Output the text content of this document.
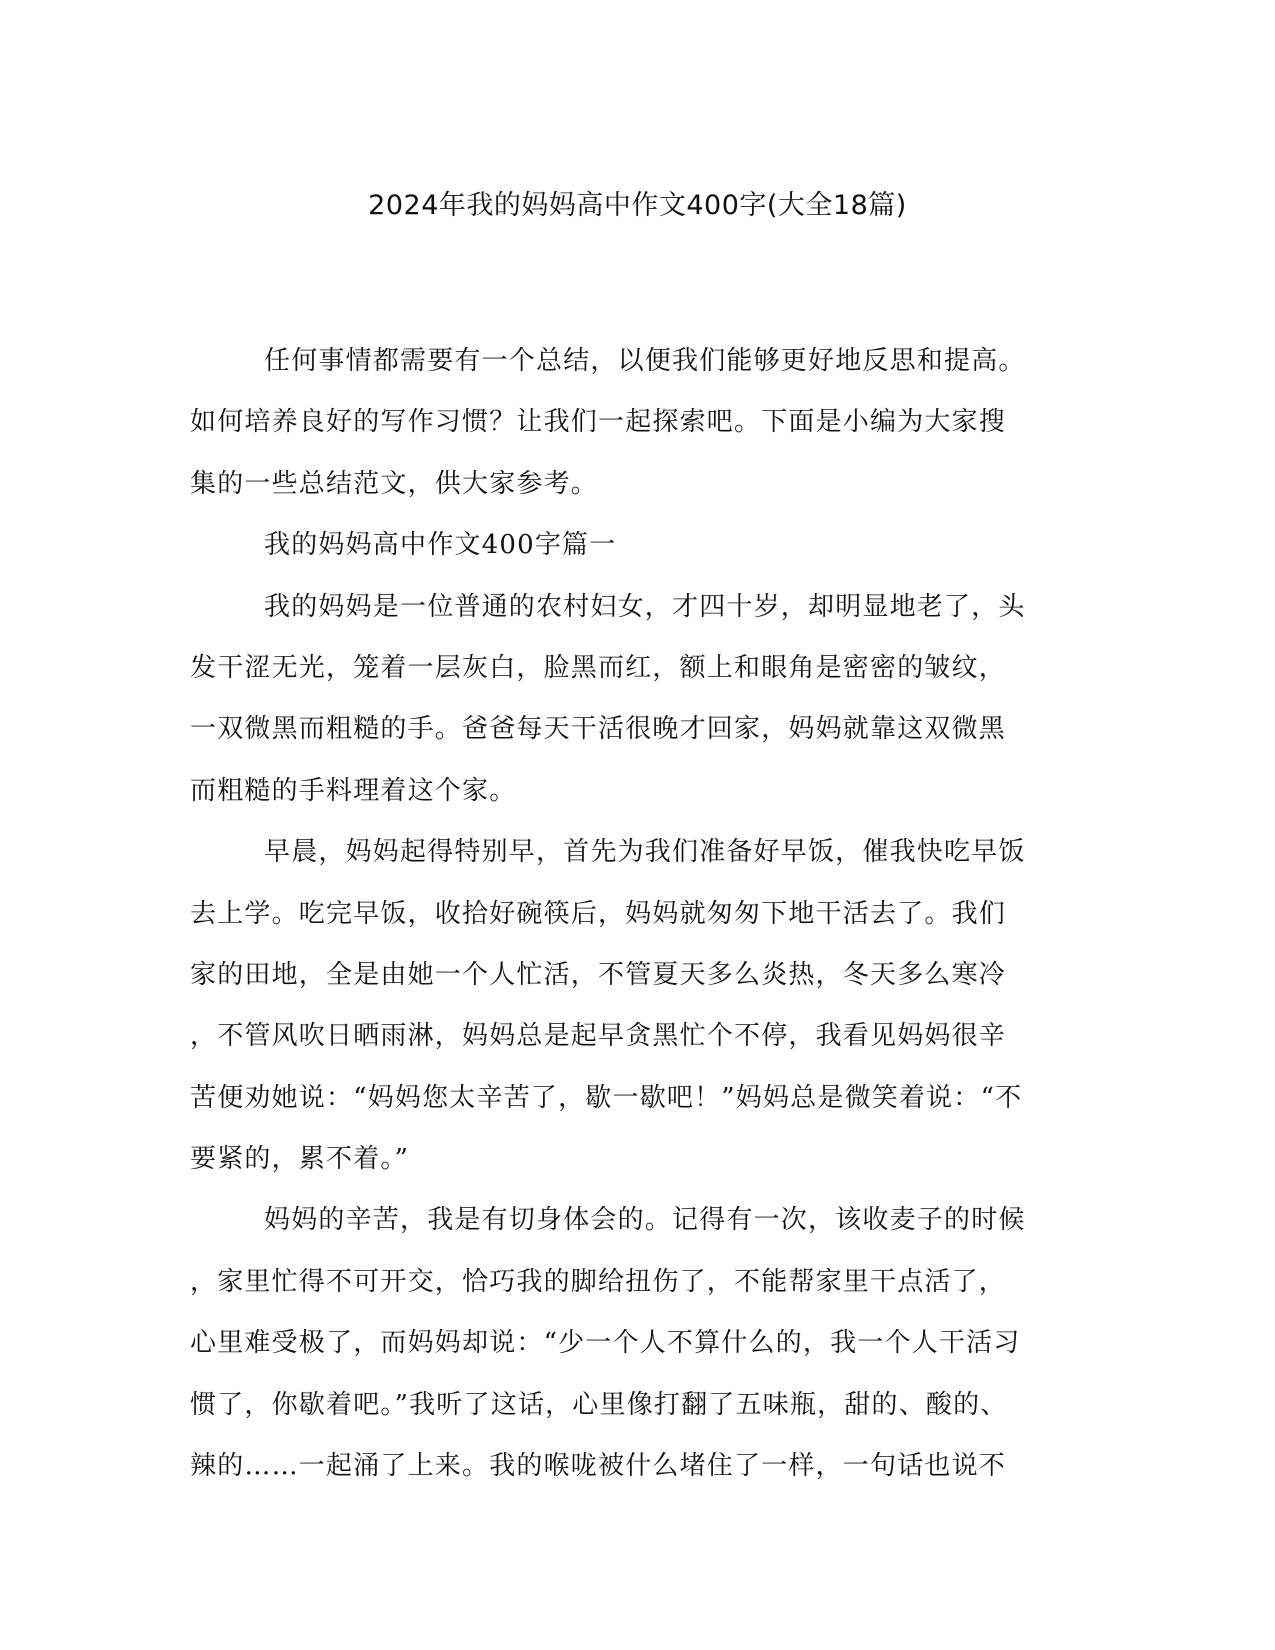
2024年我的妈妈高中作文400字(大全18篇)
任何事情都需要有一个总结，以便我们能够更好地反思和提高。
如何培养良好的写作习惯？让我们一起探索吧。下面是小编为大家搜
集的一些总结范文，供大家参考。
我的妈妈高中作文400字篇一
我的妈妈是一位普通的农村妇女，才四十岁，却明显地老了，头
发干涩无光，笼着一层灰白，脸黑而红，额上和眼角是密密的皱纹，
一双微黑而粗糙的手。爸爸每天干活很晚才回家，妈妈就靠这双微黑
而粗糙的手料理着这个家。
早晨，妈妈起得特别早，首先为我们准备好早饭，催我快吃早饭
去上学。吃完早饭，收拾好碗筷后，妈妈就匆匆下地干活去了。我们
家的田地，全是由她一个人忙活，不管夏天多么炎热，冬天多么寒冷
，不管风吹日晒雨淋，妈妈总是起早贪黑忙个不停，我看见妈妈很辛
苦便劝她说：“妈妈您太辛苦了，歇一歇吧！”妈妈总是微笑着说：“不
要紧的，累不着。”
妈妈的辛苦，我是有切身体会的。记得有一次，该收麦子的时候
，家里忙得不可开交，恰巧我的脚给扭伤了，不能帮家里干点活了，
心里难受极了，而妈妈却说：“少一个人不算什么的，我一个人干活习
惯了，你歇着吧。”我听了这话，心里像打翻了五味瓶，甜的、酸的、
辣的……一起涌了上来。我的喉咙被什么堵住了一样，一句话也说不
